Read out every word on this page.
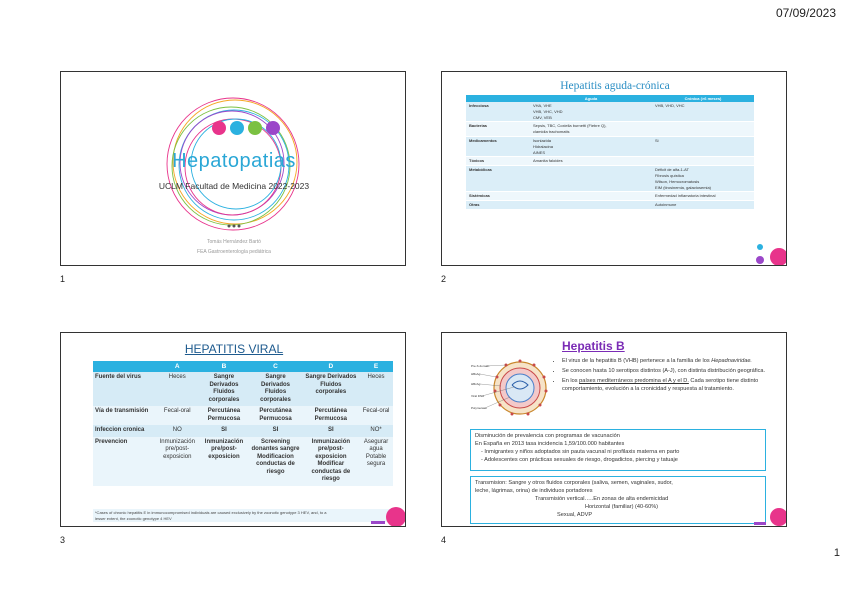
07/09/2023
Hepatopatias
UCLM Facultad de Medicina 2022-2023
Tomás Hernández Bartó
FEA Gastroenterología pediátrica
1
Hepatitis aguda-crónica
	Aguda	Crónica (>6 meses)
Infecciosa	VHA, VHE
VHB, VHC, VHD
CMV, VEB	VHB, VHD, VHC

Bacterias	Sepsis, TBC, Coxiella burnetti (Fiebre Q),
clamidia trachomatis	

Medicamentos	Isoniazida
Hidralacina
AINES	Si

Tóxicos	Amanita faloides	

Metabólicas		Déficit de alfa-1-AT
Fibrosis quística
Wilson, Hemocromatosis
EIM (tirosinemia, galactosemia)

Sistémicas		Enfermedad inflamatoria intestinal

Otras		Autoinmune
2
HEPATITIS VIRAL
	A	B	C	D	E
Fuente del virus	Heces	Sangre Derivados Fluidos corporales	Sangre Derivados Fluidos corporales	Sangre Derivados Fluidos corporales	Heces
Vía de transmisión	Fecal-oral	Percutánea Permucosa	Percutánea Permucosa	Percutánea Permucosa	Fecal-oral
Infeccion cronica	NO	SI	SI	SI	NO*
Prevencion	Inmunización pre/post-exposicion	Inmunización pre/post-exposicion	Screening donantes sangre Modificacion conductas de riesgo	Inmunización pre/post-exposicion Modificar conductas de riesgo	Asegurar agua Potable segura
*Cases of chronic hepatitis E in immunocompromised individuals are caused exclusively by the zoonotic genotype 3 HEV, and, to a
lesser extent, the zoonotic genotype 4 HEV
3
Hepatitis B
Pre-S domain
HBsAg
HBcAg
Viral DNA
Polymerase
• El virus de la hepatitis B (VHB) pertenece a la familia de los Hepadnaviridae.
• Se conocen hasta 10 serotipos distintos (A-J), con distinta distribución geográfica.
• En los países mediterráneos predomina el A y el D. Cada serotipo tiene distinto comportamiento, evolución a la cronicidad y respuesta al tratamiento.
Disminución de prevalencia con programas de vacunación
En España en 2013 tasa incidencia 1,59/100.000 habitantes
- Inmigrantes y niños adoptados sin pauta vacunal ni profilaxis materna en parto
- Adolescentes con prácticas sexuales de riesgo, drogadictos, piercing y tatuaje
Transmision: Sangre y otros fluidos corporales (saliva, semen, vaginales, sudor,
leche, lágrimas, orina) de individuos portadores
Transmisión vertical…..En zonas de alta endemicidad
Horizontal (familiar) (40-60%)
Sexual, ADVP
4
1
